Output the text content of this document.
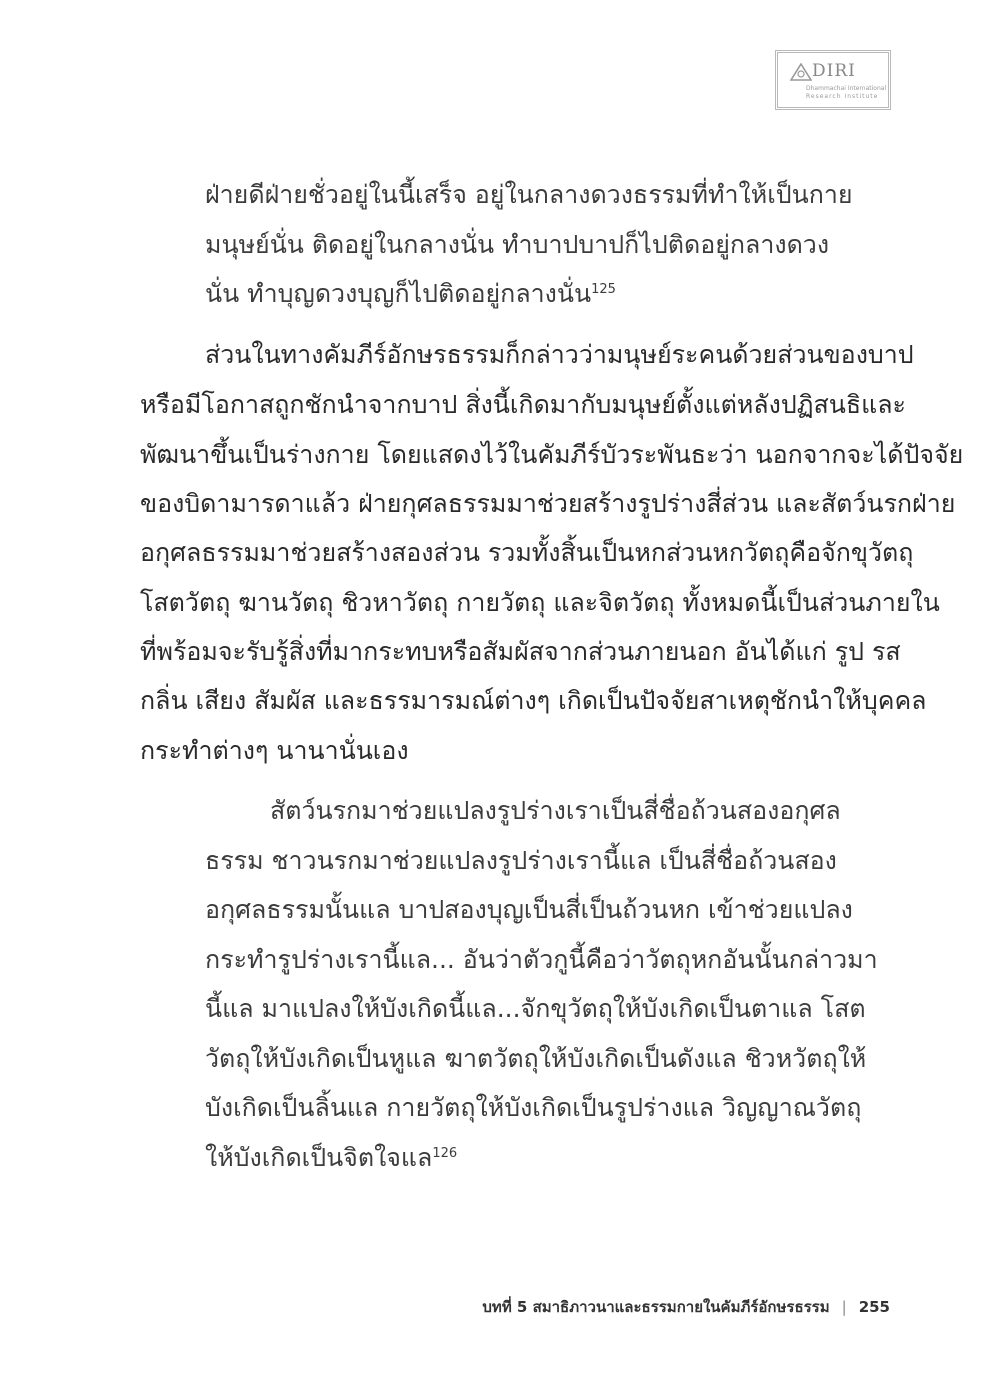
DIRI
Dhammachai International
Research Institute
ฝ่ายดีฝ่ายชั่วอยู่ในนี้เสร็จ อยู่ในกลางดวงธรรมที่ทำให้เป็นกาย
มนุษย์นั่น ติดอยู่ในกลางนั่น ทำบาปบาปก็ไปติดอยู่กลางดวง
นั่น ทำบุญดวงบุญก็ไปติดอยู่กลางนั่น$^{125}$
ส่วนในทางคัมภีร์อักษรธรรมก็กล่าวว่ามนุษย์ระคนด้วยส่วนของบาป
หรือมีโอกาสถูกชักนำจากบาป สิ่งนี้เกิดมากับมนุษย์ตั้งแต่หลังปฏิสนธิและ
พัฒนาขึ้นเป็นร่างกาย โดยแสดงไว้ในคัมภีร์บัวระพันธะว่า นอกจากจะได้ปัจจัย
ของบิดามารดาแล้ว ฝ่ายกุศลธรรมมาช่วยสร้างรูปร่างสี่ส่วน และสัตว์นรกฝ่าย
อกุศลธรรมมาช่วยสร้างสองส่วน รวมทั้งสิ้นเป็นหกส่วนหกวัตถุคือจักขุวัตถุ
โสตวัตถุ ฆานวัตถุ ชิวหาวัตถุ กายวัตถุ และจิตวัตถุ ทั้งหมดนี้เป็นส่วนภายใน
ที่พร้อมจะรับรู้สิ่งที่มากระทบหรือสัมผัสจากส่วนภายนอก อันได้แก่ รูป รส
กลิ่น เสียง สัมผัส และธรรมารมณ์ต่างๆ เกิดเป็นปัจจัยสาเหตุชักนำให้บุคคล
กระทำต่างๆ นานานั่นเอง
สัตว์นรกมาช่วยแปลงรูปร่างเราเป็นสี่ชื่อถ้วนสองอกุศล
ธรรม ชาวนรกมาช่วยแปลงรูปร่างเรานี้แล เป็นสี่ชื่อถ้วนสอง
อกุศลธรรมนั้นแล บาปสองบุญเป็นสี่เป็นถ้วนหก เข้าช่วยแปลง
กระทำรูปร่างเรานี้แล... อันว่าตัวกูนี้คือว่าวัตถุหกอันนั้นกล่าวมา
นี้แล มาแปลงให้บังเกิดนี้แล...จักขุวัตถุให้บังเกิดเป็นตาแล โสต
วัตถุให้บังเกิดเป็นหูแล ฆาตวัตถุให้บังเกิดเป็นดังแล ชิวหวัตถุให้
บังเกิดเป็นลิ้นแล กายวัตถุให้บังเกิดเป็นรูปร่างแล วิญญาณวัตถุ
ให้บังเกิดเป็นจิตใจแล$^{126}$
บทที่ 5 สมาธิภาวนาและธรรมกายในคัมภีร์อักษรธรรม | 255
